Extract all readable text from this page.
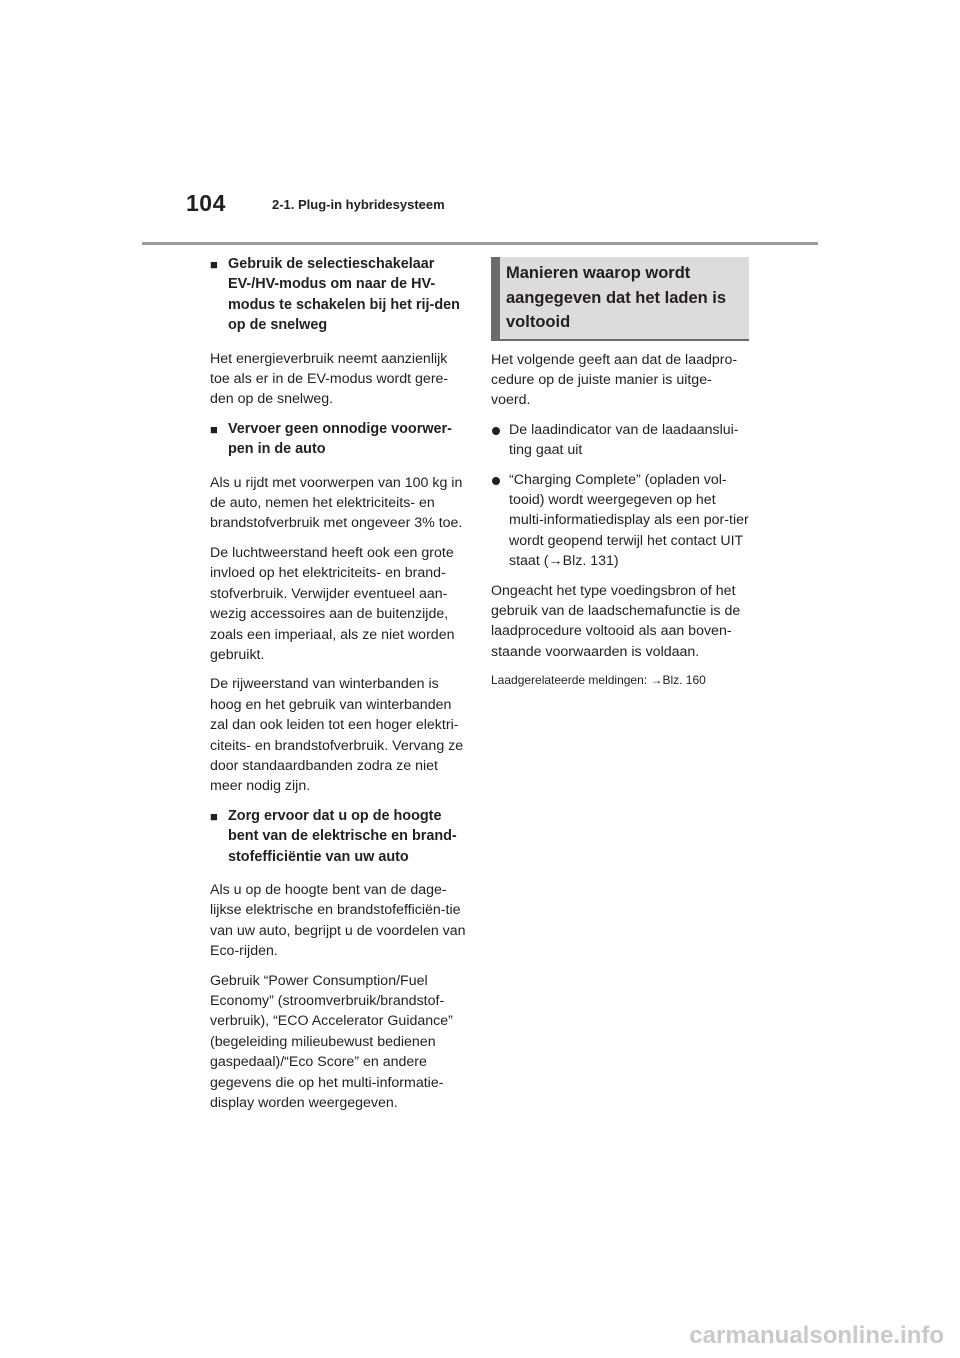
104	2-1. Plug-in hybridesysteem
■ Gebruik de selectieschakelaar EV-/HV-modus om naar de HV-modus te schakelen bij het rij-den op de snelweg

Het energieverbruik neemt aanzienlijk toe als er in de EV-modus wordt gere-den op de snelweg.

■ Vervoer geen onnodige voorwer-pen in de auto

Als u rijdt met voorwerpen van 100 kg in de auto, nemen het elektriciteits- en brandstofverbruik met ongeveer 3% toe.

De luchtweerstand heeft ook een grote invloed op het elektriciteits- en brand-stofverbruik. Verwijder eventueel aan-wezig accessoires aan de buitenzijde, zoals een imperiaal, als ze niet worden gebruikt.

De rijweerstand van winterbanden is hoog en het gebruik van winterbanden zal dan ook leiden tot een hoger elektri-citeits- en brandstofverbruik. Vervang ze door standaardbanden zodra ze niet meer nodig zijn.

■ Zorg ervoor dat u op de hoogte bent van de elektrische en brand-stofefficiëntie van uw auto

Als u op de hoogte bent van de dage-lijkse elektrische en brandstofefficiën-tie van uw auto, begrijpt u de voordelen van Eco-rijden.

Gebruik “Power Consumption/Fuel Economy” (stroomverbruik/brandstof-verbruik), “ECO Accelerator Guidance” (begeleiding milieubewust bedienen gaspedaal)/“Eco Score” en andere gegevens die op het multi-informatie-display worden weergegeven.

Manieren waarop wordt aangegeven dat het laden is voltooid

Het volgende geeft aan dat de laadpro-cedure op de juiste manier is uitge-voerd.

De laadindicator van de laadaanslui-ting gaat uit
“Charging Complete” (opladen vol-tooid) wordt weergegeven op het multi-informatiedisplay als een por-tier wordt geopend terwijl het contact UIT staat (→Blz. 131)

Ongeacht het type voedingsbron of het gebruik van de laadschemafunctie is de laadprocedure voltooid als aan boven-staande voorwaarden is voldaan.

Laadgerelateerde meldingen: →Blz. 160

carmanualsonline.info
